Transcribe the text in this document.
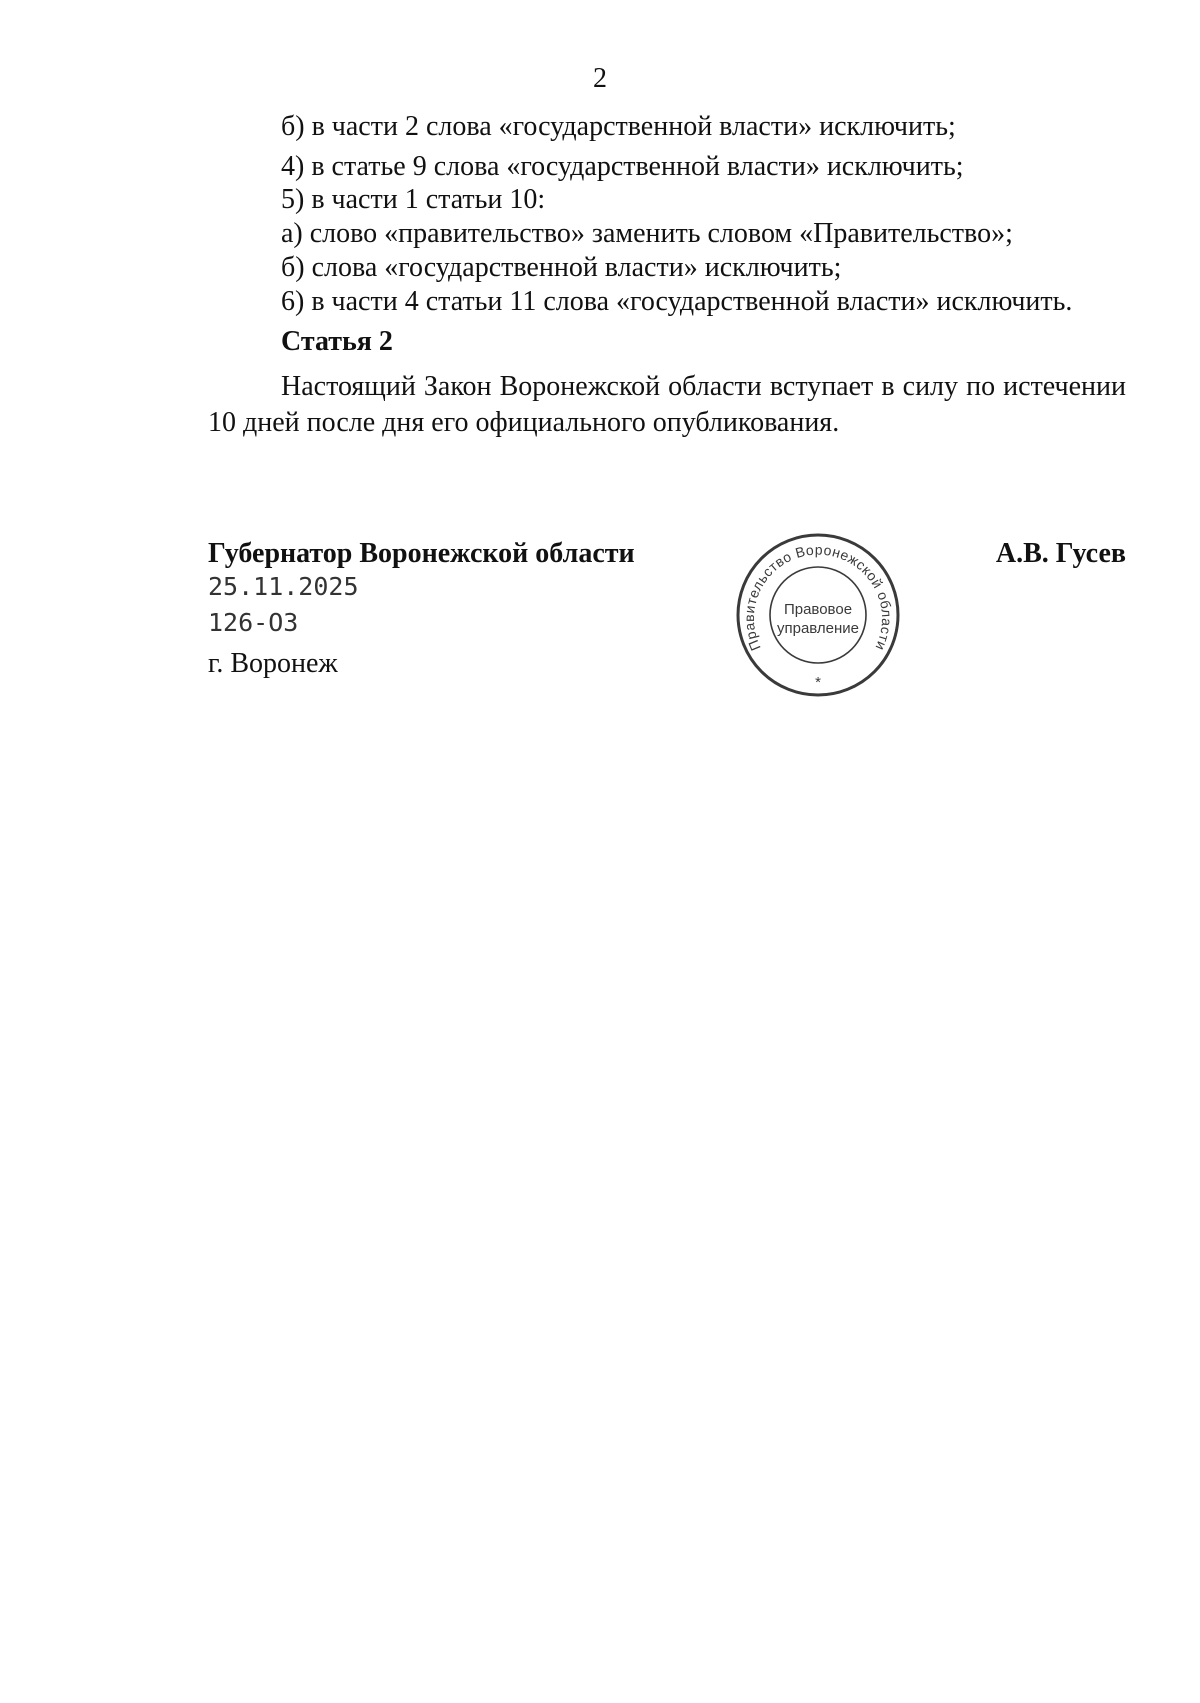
2
б) в части 2 слова «государственной власти» исключить;
4) в статье 9 слова «государственной власти» исключить;
5) в части 1 статьи 10:
а) слово «правительство» заменить словом «Правительство»;
б) слова «государственной власти» исключить;
6) в части 4 статьи 11 слова «государственной власти» исключить.
Статья 2
Настоящий Закон Воронежской области вступает в силу по истечении 10 дней после дня его официального опубликования.
Губернатор Воронежской области	А.В. Гусев
25.11.2025
126-ОЗ
г. Воронеж
Правительство Воронежской области
Правовое
управление
*
